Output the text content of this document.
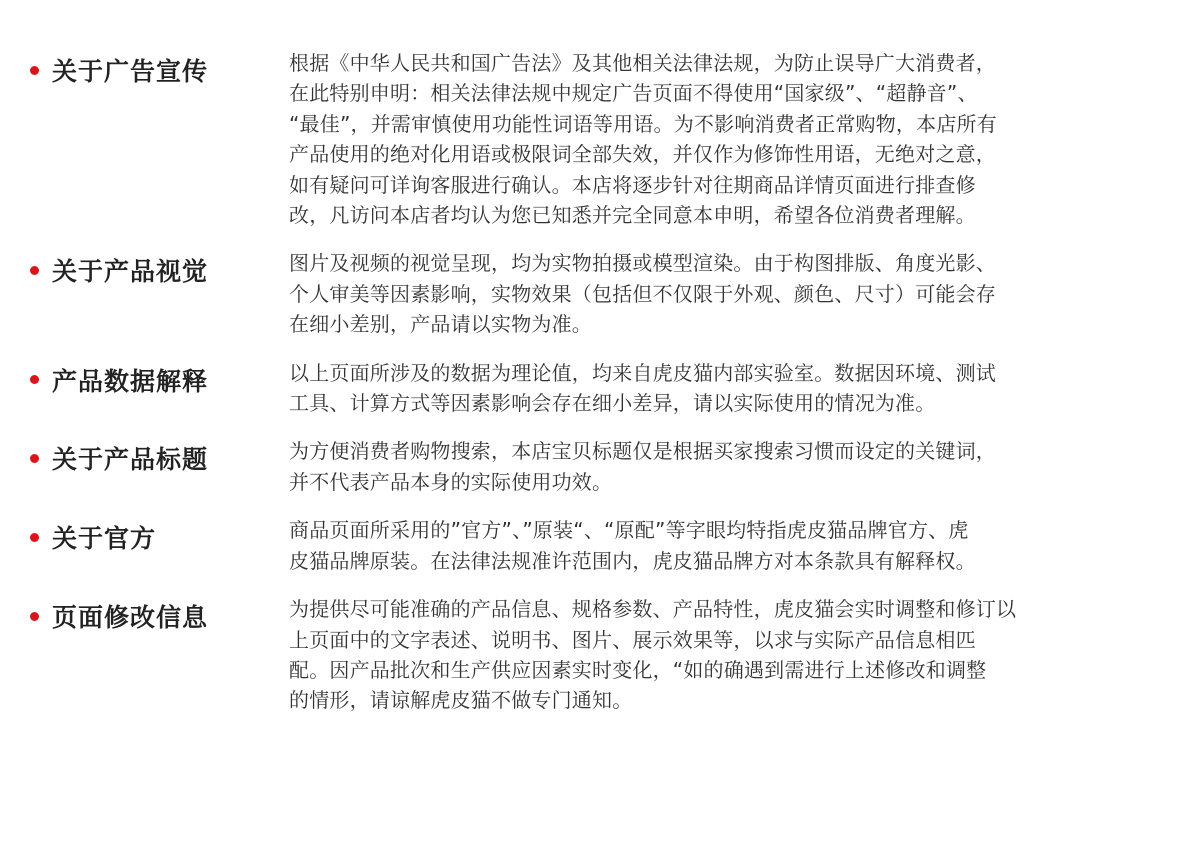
关于广告宣传	根据《中华人民共和国广告法》及其他相关法律法规，为防止误导广大消费者，
在此特别申明：相关法律法规中规定广告页面不得使用“国家级”、“超静音”、
“最佳”，并需审慎使用功能性词语等用语。为不影响消费者正常购物，本店所有
产品使用的绝对化用语或极限词全部失效，并仅作为修饰性用语，无绝对之意，
如有疑问可详询客服进行确认。本店将逐步针对往期商品详情页面进行排查修
改，凡访问本店者均认为您已知悉并完全同意本申明，希望各位消费者理解。
关于产品视觉	图片及视频的视觉呈现，均为实物拍摄或模型渲染。由于构图排版、角度光影、
个人审美等因素影响，实物效果（包括但不仅限于外观、颜色、尺寸）可能会存
在细小差别，产品请以实物为准。
产品数据解释	以上页面所涉及的数据为理论值，均来自虎皮猫内部实验室。数据因环境、测试
工具、计算方式等因素影响会存在细小差异，请以实际使用的情况为准。
关于产品标题	为方便消费者购物搜索，本店宝贝标题仅是根据买家搜索习惯而设定的关键词，
并不代表产品本身的实际使用功效。
关于官方	商品页面所采用的”官方”、”原装“、“原配”等字眼均特指虎皮猫品牌官方、虎
皮猫品牌原装。在法律法规准许范围内，虎皮猫品牌方对本条款具有解释权。
页面修改信息	为提供尽可能准确的产品信息、规格参数、产品特性，虎皮猫会实时调整和修订以
上页面中的文字表述、说明书、图片、展示效果等，以求与实际产品信息相匹
配。因产品批次和生产供应因素实时变化，“如的确遇到需进行上述修改和调整
的情形，请谅解虎皮猫不做专门通知。
